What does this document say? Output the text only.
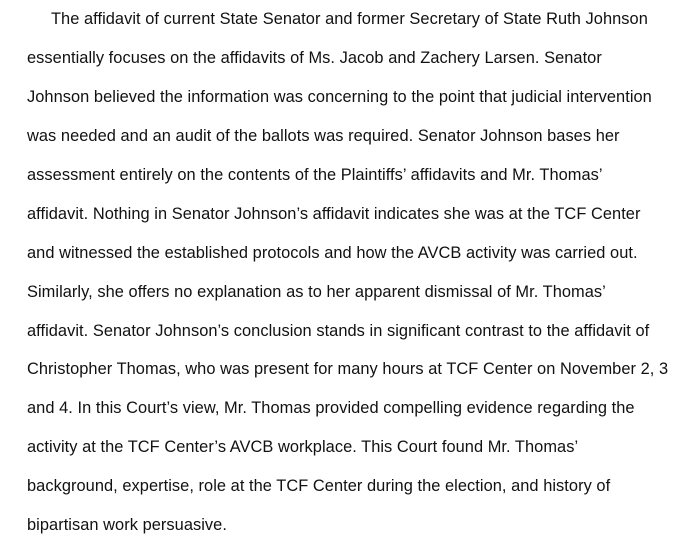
The affidavit of current State Senator and former Secretary of State Ruth Johnson
essentially focuses on the affidavits of Ms. Jacob and Zachery Larsen. Senator
Johnson believed the information was concerning to the point that judicial intervention
was needed and an audit of the ballots was required. Senator Johnson bases her
assessment entirely on the contents of the Plaintiffs’ affidavits and Mr. Thomas’
affidavit. Nothing in Senator Johnson’s affidavit indicates she was at the TCF Center
and witnessed the established protocols and how the AVCB activity was carried out.
Similarly, she offers no explanation as to her apparent dismissal of Mr. Thomas’
affidavit. Senator Johnson’s conclusion stands in significant contrast to the affidavit of
Christopher Thomas, who was present for many hours at TCF Center on November 2, 3
and 4. In this Court’s view, Mr. Thomas provided compelling evidence regarding the
activity at the TCF Center’s AVCB workplace. This Court found Mr. Thomas’
background, expertise, role at the TCF Center during the election, and history of
bipartisan work persuasive.
